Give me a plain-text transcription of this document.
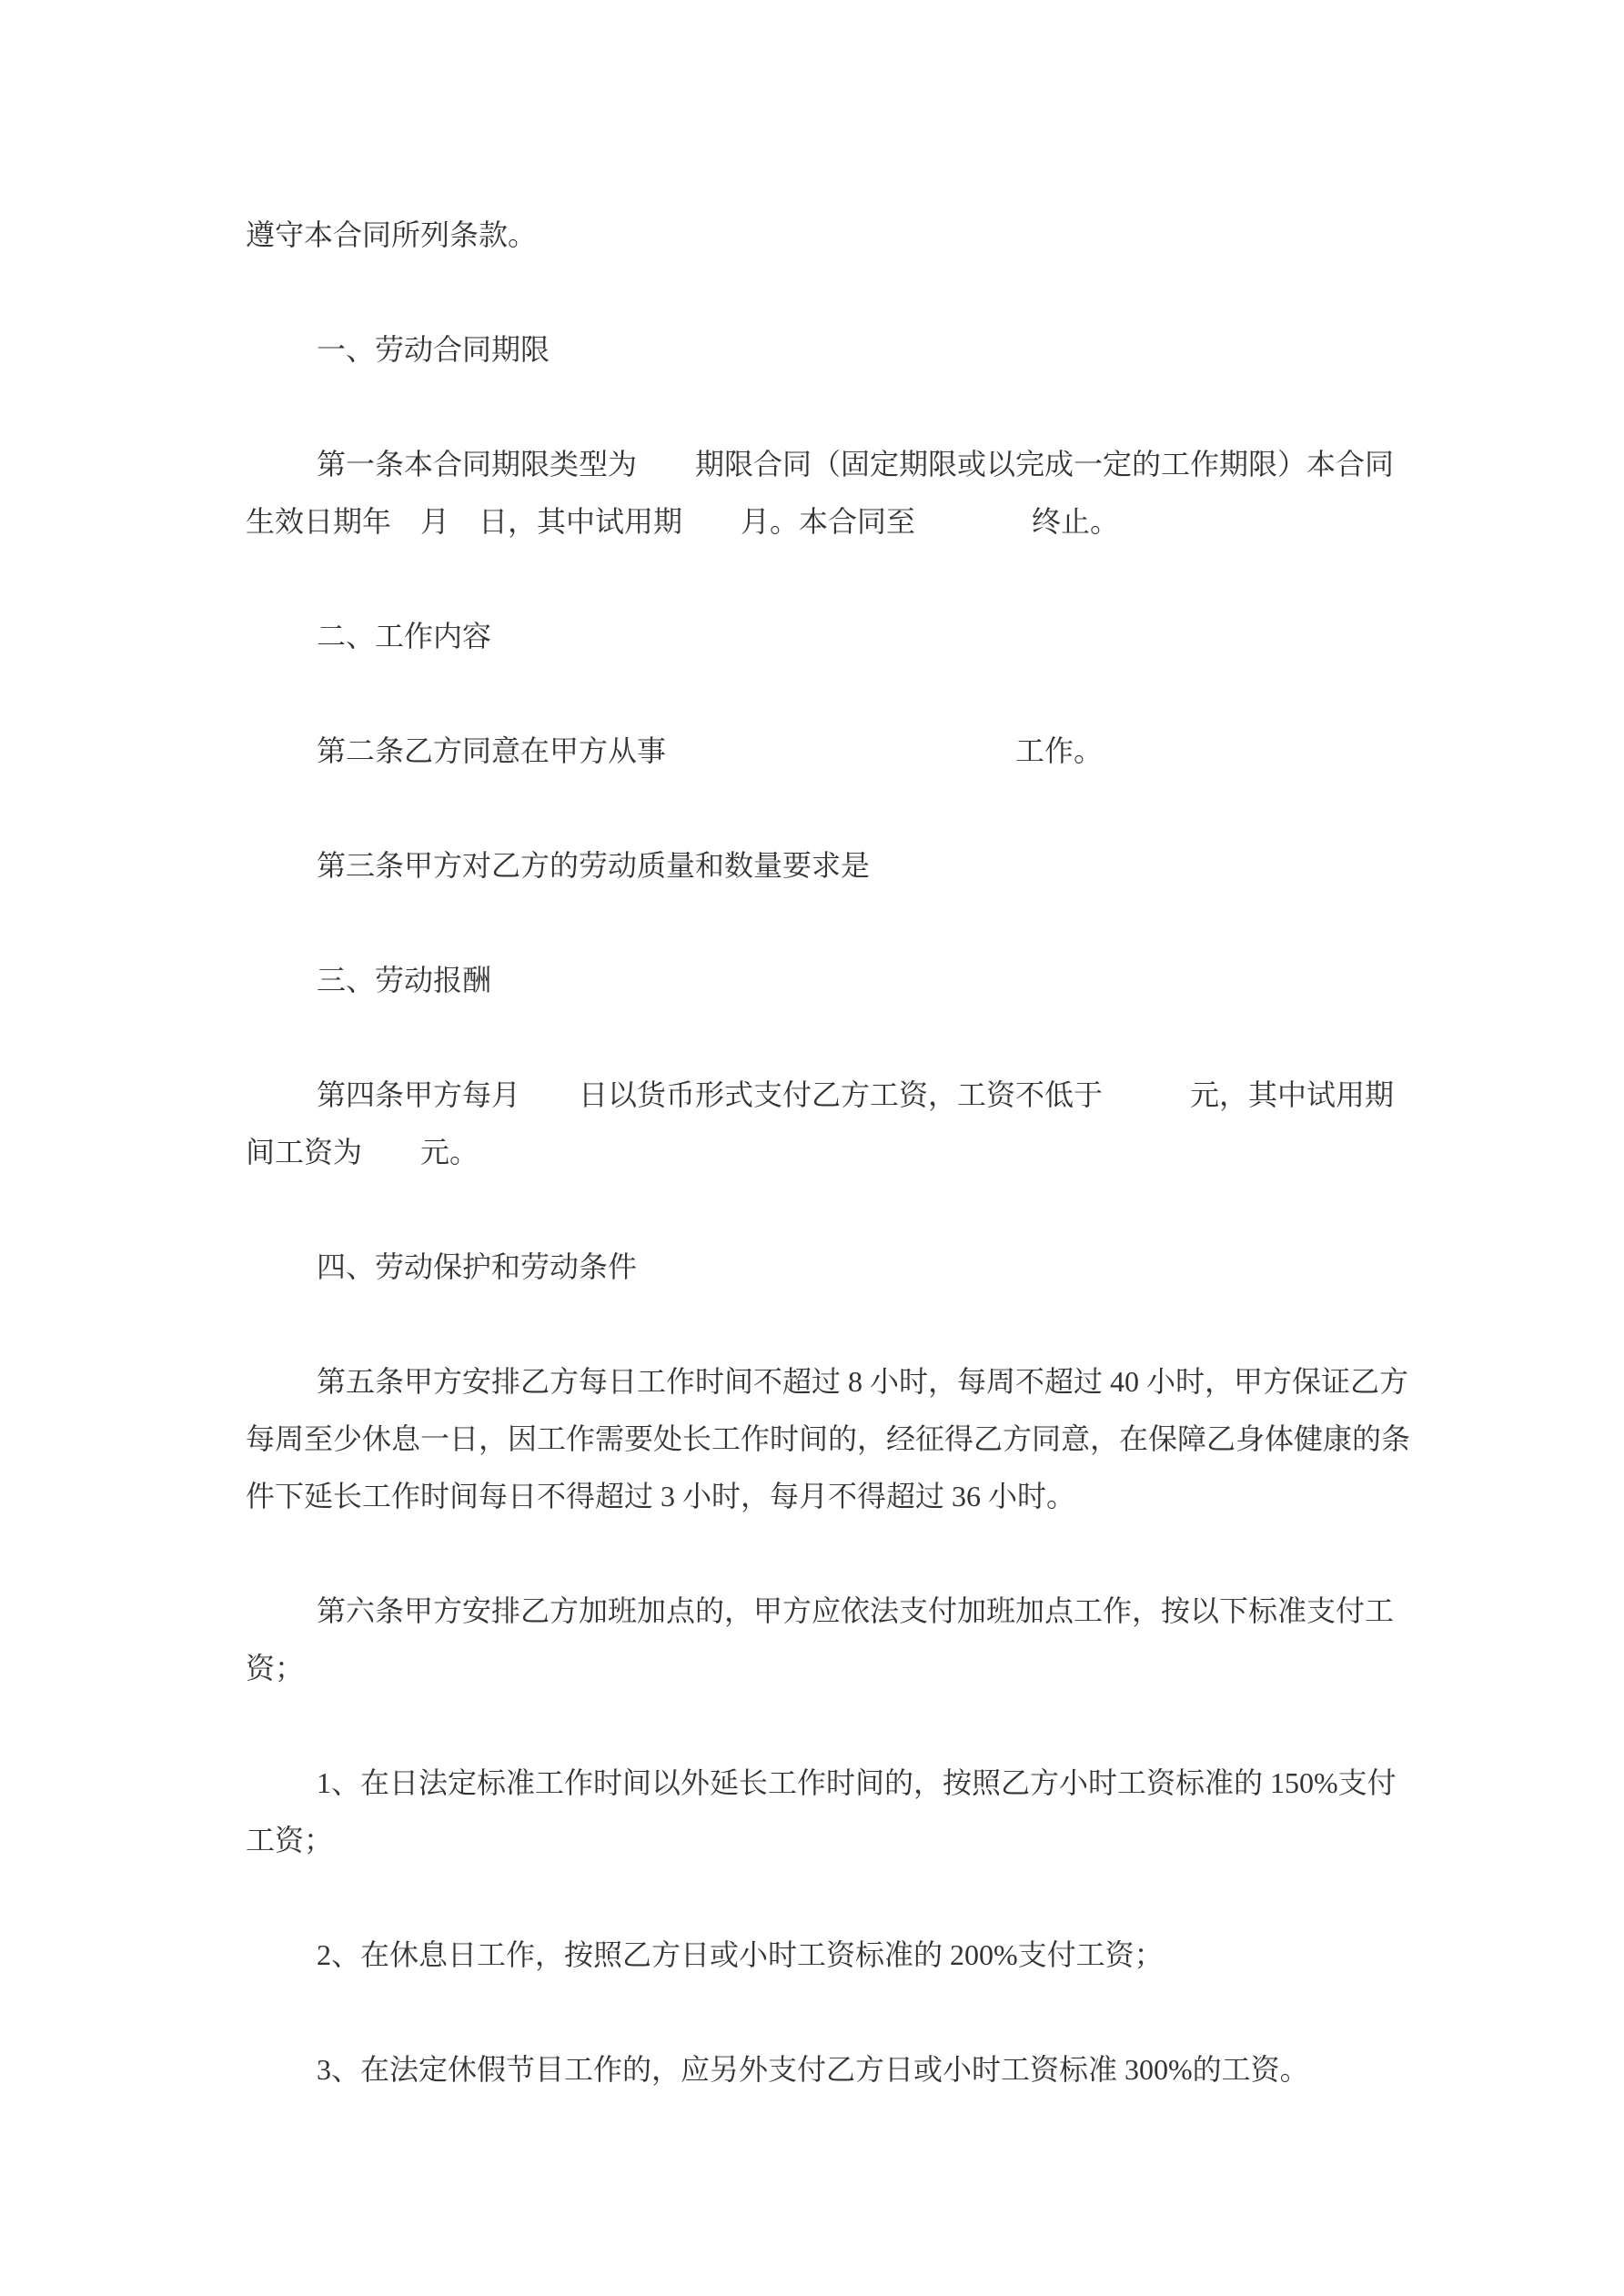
遵守本合同所列条款。
一、劳动合同期限
第一条本合同期限类型为　　期限合同（固定期限或以完成一定的工作期限）本合同
生效日期年　月　日，其中试用期　　月。本合同至　　　　终止。
二、工作内容
第二条乙方同意在甲方从事　　　　　　　　　　　　工作。
第三条甲方对乙方的劳动质量和数量要求是
三、劳动报酬
第四条甲方每月　　日以货币形式支付乙方工资，工资不低于　　　元，其中试用期
间工资为　　元。
四、劳动保护和劳动条件
第五条甲方安排乙方每日工作时间不超过 8 小时，每周不超过 40 小时，甲方保证乙方
每周至少休息一日，因工作需要处长工作时间的，经征得乙方同意，在保障乙身体健康的条
件下延长工作时间每日不得超过 3 小时，每月不得超过 36 小时。
第六条甲方安排乙方加班加点的，甲方应依法支付加班加点工作，按以下标准支付工
资；
1、在日法定标准工作时间以外延长工作时间的，按照乙方小时工资标准的 150%支付
工资；
2、在休息日工作，按照乙方日或小时工资标准的 200%支付工资；
3、在法定休假节目工作的，应另外支付乙方日或小时工资标准 300%的工资。
